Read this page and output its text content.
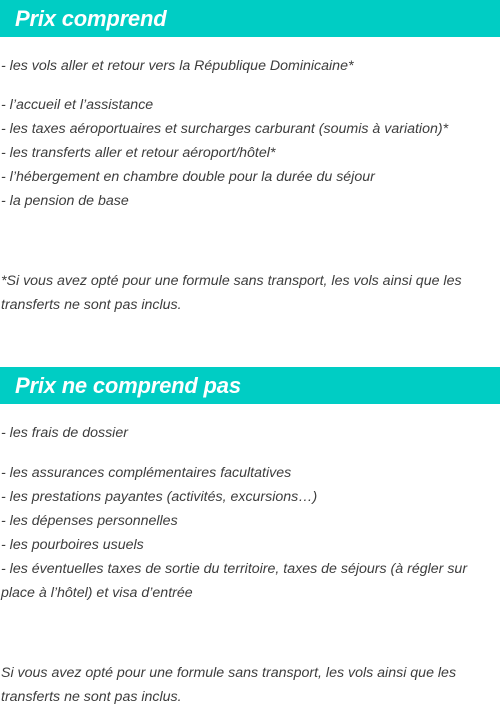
Prix comprend
- les vols aller et retour vers la République Dominicaine*
- l’accueil et l’assistance
- les taxes aéroportuaires et surcharges carburant (soumis à variation)*
- les transferts aller et retour aéroport/hôtel*
- l’hébergement en chambre double pour la durée du séjour
- la pension de base
*Si vous avez opté pour une formule sans transport, les vols ainsi que les transferts ne sont pas inclus.
Prix ne comprend pas
- les frais de dossier
- les assurances complémentaires facultatives
- les prestations payantes (activités, excursions…)
- les dépenses personnelles
- les pourboires usuels
- les éventuelles taxes de sortie du territoire, taxes de séjours (à régler sur place à l’hôtel) et visa d’entrée
Si vous avez opté pour une formule sans transport, les vols ainsi que les transferts ne sont pas inclus.
